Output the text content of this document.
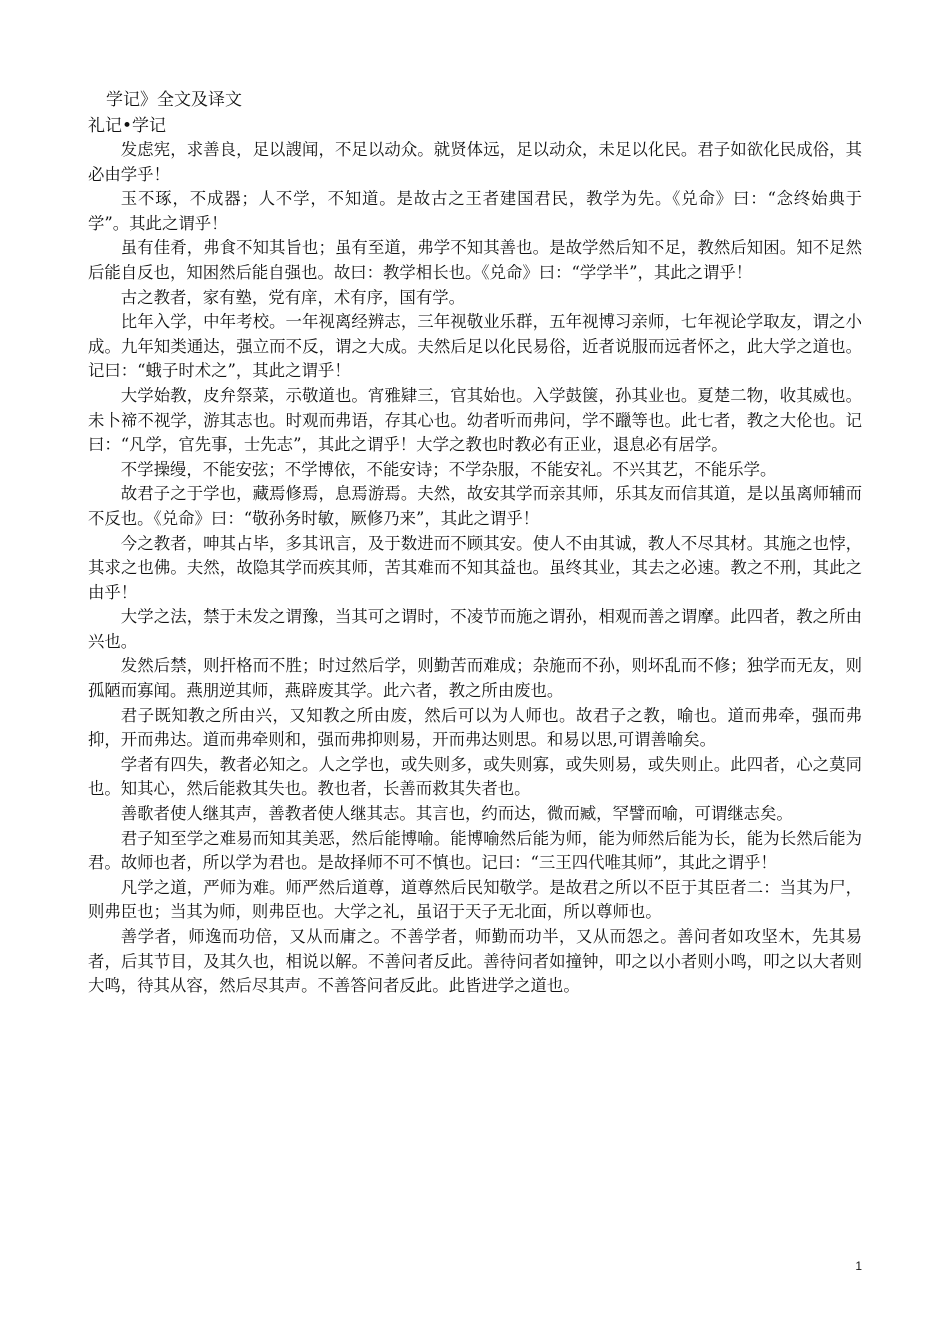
学记》全文及译文
礼记•学记

发虑宪，求善良，足以謏闻，不足以动众。就贤体远，足以动众，未足以化民。君子如欲化民成俗，其必由学乎！

玉不琢，不成器；人不学，不知道。是故古之王者建国君民，教学为先。《兑命》曰：“念终始典于学”。其此之谓乎！

虽有佳肴，弗食不知其旨也；虽有至道，弗学不知其善也。是故学然后知不足，教然后知困。知不足然后能自反也，知困然后能自强也。故曰：教学相长也。《兑命》曰：“学学半”，其此之谓乎！

古之教者，家有塾，党有庠，术有序，国有学。

比年入学，中年考校。一年视离经辨志，三年视敬业乐群，五年视博习亲师，七年视论学取友，谓之小成。九年知类通达，强立而不反，谓之大成。夫然后足以化民易俗，近者说服而远者怀之，此大学之道也。记曰：“蛾子时术之”，其此之谓乎！

大学始教，皮弁祭菜，示敬道也。宵雅肄三，官其始也。入学鼓箧，孙其业也。夏楚二物，收其威也。未卜禘不视学，游其志也。时观而弗语，存其心也。幼者听而弗问，学不躐等也。此七者，教之大伦也。记曰：“凡学，官先事，士先志”，其此之谓乎！大学之教也时教必有正业，退息必有居学。

不学操缦，不能安弦；不学博依，不能安诗；不学杂服，不能安礼。不兴其艺，不能乐学。

故君子之于学也，藏焉修焉，息焉游焉。夫然，故安其学而亲其师，乐其友而信其道，是以虽离师辅而不反也。《兑命》曰：“敬孙务时敏，厥修乃来”，其此之谓乎！

今之教者，呻其占毕，多其讯言，及于数进而不顾其安。使人不由其诚，教人不尽其材。其施之也悖，其求之也佛。夫然，故隐其学而疾其师，苦其难而不知其益也。虽终其业，其去之必速。教之不刑，其此之由乎！

大学之法，禁于未发之谓豫，当其可之谓时，不凌节而施之谓孙，相观而善之谓摩。此四者，教之所由兴也。

发然后禁，则扞格而不胜；时过然后学，则勤苦而难成；杂施而不孙，则坏乱而不修；独学而无友，则孤陋而寡闻。燕朋逆其师，燕辟废其学。此六者，教之所由废也。

君子既知教之所由兴，又知教之所由废，然后可以为人师也。故君子之教，喻也。道而弗牵，强而弗抑，开而弗达。道而弗牵则和，强而弗抑则易，开而弗达则思。和易以思,可谓善喻矣。

学者有四失，教者必知之。人之学也，或失则多，或失则寡，或失则易，或失则止。此四者，心之莫同也。知其心，然后能救其失也。教也者，长善而救其失者也。

善歌者使人继其声，善教者使人继其志。其言也，约而达，微而臧，罕譬而喻，可谓继志矣。

君子知至学之难易而知其美恶，然后能博喻。能博喻然后能为师，能为师然后能为长，能为长然后能为君。故师也者，所以学为君也。是故择师不可不慎也。记曰：“三王四代唯其师”，其此之谓乎！

凡学之道，严师为难。师严然后道尊，道尊然后民知敬学。是故君之所以不臣于其臣者二：当其为尸，则弗臣也；当其为师，则弗臣也。大学之礼，虽诏于天子无北面，所以尊师也。

善学者，师逸而功倍，又从而庸之。不善学者，师勤而功半，又从而怨之。善问者如攻坚木，先其易者，后其节目，及其久也，相说以解。不善问者反此。善待问者如撞钟，叩之以小者则小鸣，叩之以大者则大鸣，待其从容，然后尽其声。不善答问者反此。此皆进学之道也。

1
